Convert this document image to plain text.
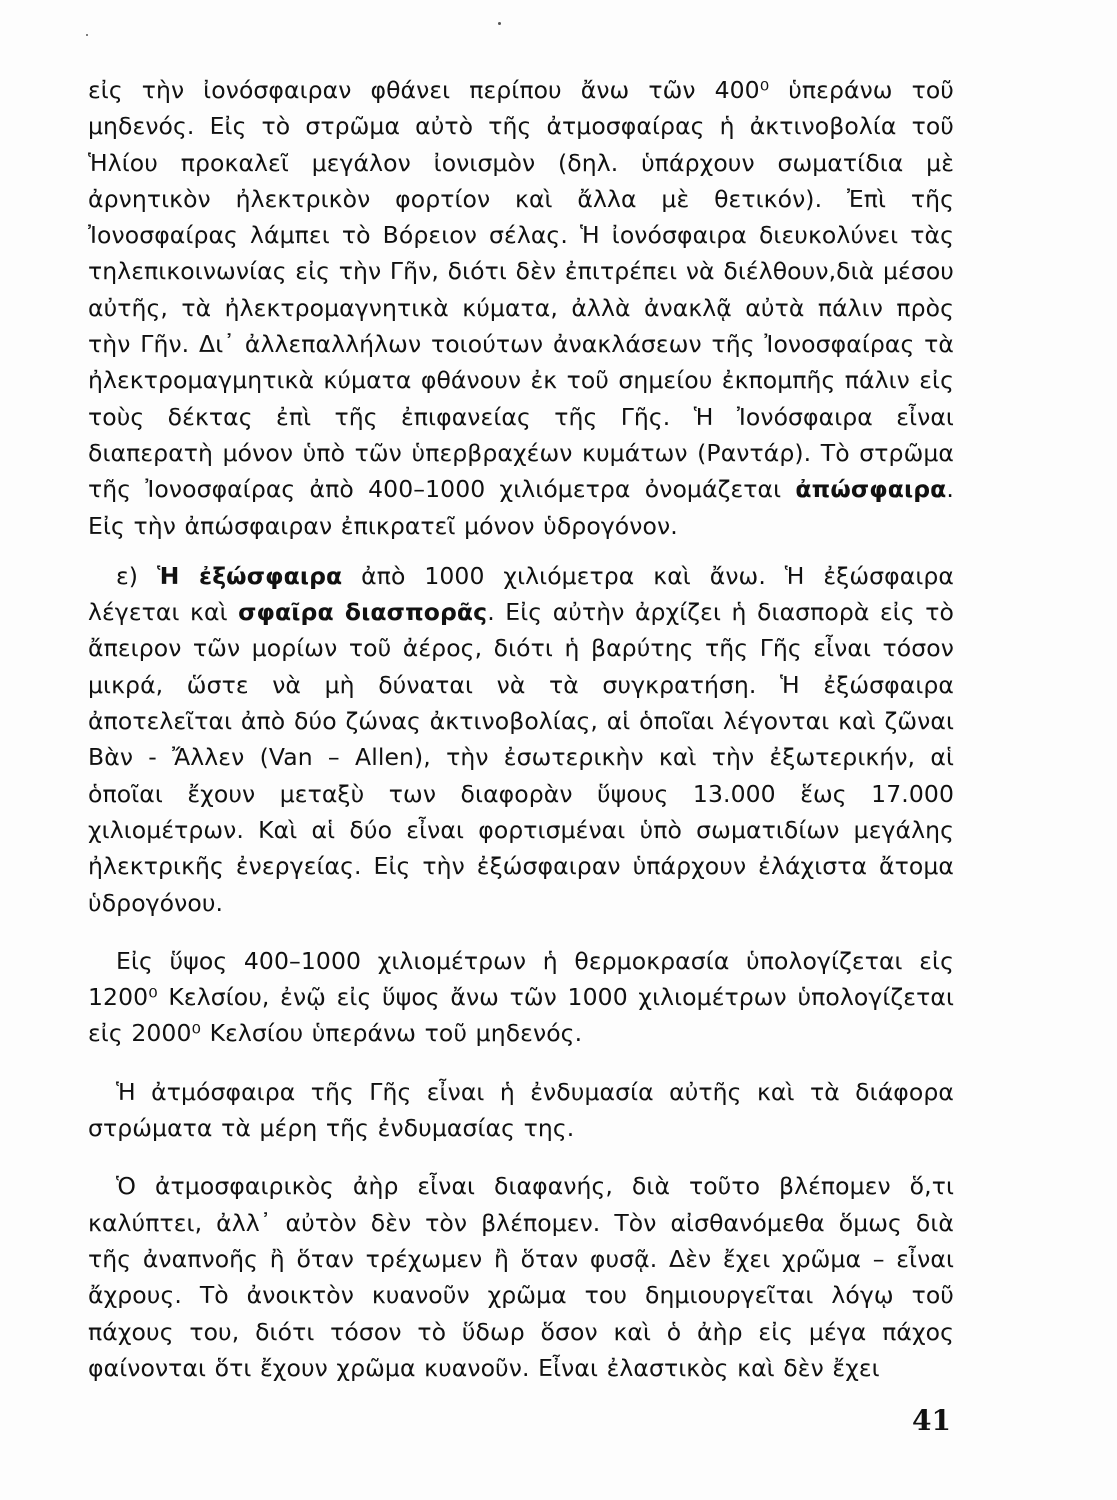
εἰς τὴν ἰονόσφαιραν φθάνει περίπου ἄνω τῶν 400⁰ ὑπεράνω τοῦ μηδενός. Εἰς τὸ στρῶμα αὐτὸ τῆς ἀτμοσφαίρας ἡ ἀκτινοβολία τοῦ Ἡλίου προκαλεῖ μεγάλον ἰονισμὸν (δηλ. ὑπάρχουν σωματίδια μὲ ἀρνητικὸν ἠλεκτρικὸν φορτίον καὶ ἄλλα μὲ θετικόν). Ἐπὶ τῆς Ἰονοσφαίρας λάμπει τὸ Βόρειον σέλας. Ἡ ἰονόσφαιρα διευκολύνει τὰς τηλεπικοινωνίας εἰς τὴν Γῆν, διότι δὲν ἐπιτρέπει νὰ διέλθουν,διὰ μέσου αὐτῆς, τὰ ἠλεκτρομαγνητικὰ κύματα, ἀλλὰ ἀνακλᾷ αὐτὰ πάλιν πρὸς τὴν Γῆν. Δι᾽ ἀλλεπαλλήλων τοιούτων ἀνακλάσεων τῆς Ἰονοσφαίρας τὰ ἠλεκτρομαγμητικὰ κύματα φθάνουν ἐκ τοῦ σημείου ἐκπομπῆς πάλιν εἰς τοὺς δέκτας ἐπὶ τῆς ἐπιφανείας τῆς Γῆς. Ἡ Ἰονόσφαιρα εἶναι διαπερατὴ μόνον ὑπὸ τῶν ὑπερβραχέων κυμάτων (Ραντάρ). Τὸ στρῶμα τῆς Ἰονοσφαίρας ἀπὸ 400–1000 χιλιόμετρα ὀνομάζεται ἀπώσφαιρα. Εἰς τὴν ἀπώσφαιραν ἐπικρατεῖ μόνον ὑδρογόνον.

ε) Ἡ ἐξώσφαιρα ἀπὸ 1000 χιλιόμετρα καὶ ἄνω. Ἡ ἐξώσφαιρα λέγεται καὶ σφαῖρα διασπορᾶς. Εἰς αὐτὴν ἀρχίζει ἡ διασπορὰ εἰς τὸ ἄπειρον τῶν μορίων τοῦ ἀέρος, διότι ἡ βαρύτης τῆς Γῆς εἶναι τόσον μικρά, ὥστε νὰ μὴ δύναται νὰ τὰ συγκρατήση. Ἡ ἐξώσφαιρα ἀποτελεῖται ἀπὸ δύο ζώνας ἀκτινοβολίας, αἱ ὁποῖαι λέγονται καὶ ζῶναι Βὰν - Ἄλλεν (Van – Allen), τὴν ἐσωτερικὴν καὶ τὴν ἐξωτερικήν, αἱ ὁποῖαι ἔχουν μεταξὺ των διαφορὰν ὕψους 13.000 ἕως 17.000 χιλιομέτρων. Καὶ αἱ δύο εἶναι φορτισμέναι ὑπὸ σωματιδίων μεγάλης ἠλεκτρικῆς ἐνεργείας. Εἰς τὴν ἐξώσφαιραν ὑπάρχουν ἐλάχιστα ἄτομα ὑδρογόνου.

Εἰς ὕψος 400–1000 χιλιομέτρων ἡ θερμοκρασία ὑπολογίζεται εἰς 1200⁰ Κελσίου, ἐνῷ εἰς ὕψος ἄνω τῶν 1000 χιλιομέτρων ὑπολογίζεται εἰς 2000⁰ Κελσίου ὑπεράνω τοῦ μηδενός.

Ἡ ἀτμόσφαιρα τῆς Γῆς εἶναι ἡ ἐνδυμασία αὐτῆς καὶ τὰ διάφορα στρώματα τὰ μέρη τῆς ἐνδυμασίας της.

Ὁ ἀτμοσφαιρικὸς ἀὴρ εἶναι διαφανής, διὰ τοῦτο βλέπομεν ὅ,τι καλύπτει, ἀλλ᾽ αὐτὸν δὲν τὸν βλέπομεν. Τὸν αἰσθανόμεθα ὅμως διὰ τῆς ἀναπνοῆς ἢ ὅταν τρέχωμεν ἢ ὅταν φυσᾷ. Δὲν ἔχει χρῶμα – εἶναι ἄχρους. Τὸ ἀνοικτὸν κυανοῦν χρῶμα του δημιουργεῖται λόγῳ τοῦ πάχους του, διότι τόσον τὸ ὕδωρ ὅσον καὶ ὁ ἀὴρ εἰς μέγα πάχος φαίνονται ὅτι ἔχουν χρῶμα κυανοῦν. Εἶναι ἐλαστικὸς καὶ δὲν ἔχει

41
